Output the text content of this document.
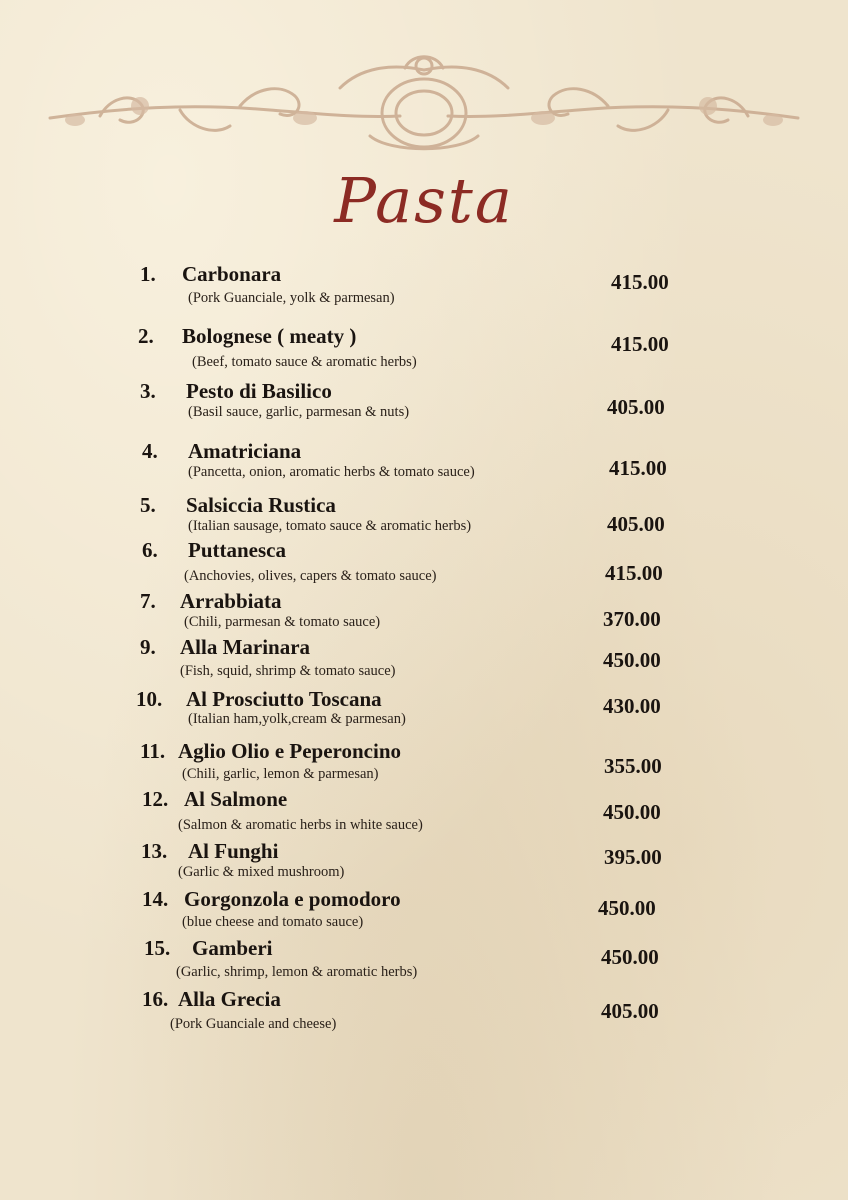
Pasta
1. Carbonara
(Pork Guanciale, yolk & parmesan)
415.00
2. Bolognese ( meaty )
(Beef, tomato sauce & aromatic herbs)
415.00
3. Pesto di Basilico
(Basil sauce, garlic, parmesan & nuts)	405.00
4. Amatriciana
(Pancetta, onion, aromatic herbs & tomato sauce)	415.00
5. Salsiccia Rustica
(Italian sausage, tomato sauce & aromatic herbs)	405.00
6. Puttanesca
(Anchovies, olives, capers & tomato sauce)	415.00
7. Arrabbiata
(Chili, parmesan & tomato sauce)	370.00
9. Alla Marinara
(Fish, squid, shrimp & tomato sauce)	450.00
10. Al Prosciutto Toscana
(Italian ham,yolk,cream & parmesan)
430.00
11. Aglio Olio e Peperoncino
(Chili, garlic, lemon & parmesan)	355.00
12. Al Salmone
(Salmon & aromatic herbs in white sauce)
450.00
13. Al Funghi
(Garlic & mixed mushroom)
395.00
14. Gorgonzola e pomodoro
(blue cheese and tomato sauce)
450.00
15. Gamberi
(Garlic, shrimp, lemon & aromatic herbs)
450.00
16. Alla Grecia
(Pork Guanciale and cheese)
405.00
